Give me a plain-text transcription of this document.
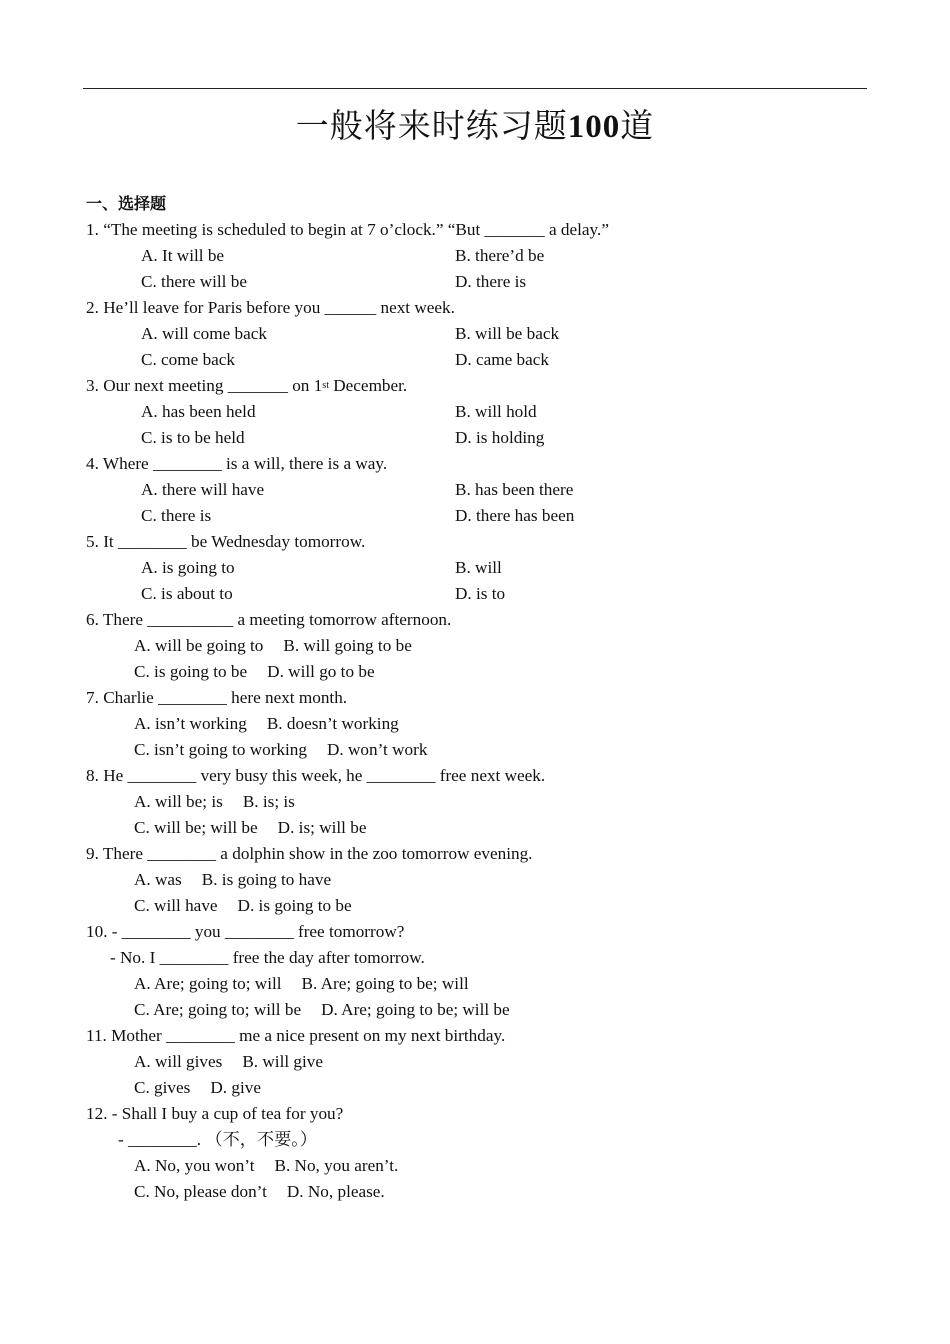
一般将来时练习题100道
一、选择题
1. “The meeting is scheduled to begin at 7 o’clock.” “But _______ a delay.”
A. It will be	B. there’d be
C. there will be	D. there is
2. He’ll leave for Paris before you ______ next week.
A. will come back	B. will be back
C. come back	D. came back
3. Our next meeting _______ on 1st December.
A. has been held	B. will hold
C. is to be held	D. is holding
4. Where ________ is a will, there is a way.
A. there will have	B. has been there
C. there is	D. there has been
5. It ________ be Wednesday tomorrow.
A. is going to	B. will
C. is about to	D. is to
6. There __________ a meeting tomorrow afternoon.
A. will be going to B. will going to be
C. is going to be D. will go to be
7. Charlie ________ here next month.
A. isn’t working B. doesn’t working
C. isn’t going to working D. won’t work
8. He ________ very busy this week, he ________ free next week.
A. will be; is B. is; is
C. will be; will be D. is; will be
9. There ________ a dolphin show in the zoo tomorrow evening.
A. was B. is going to have
C. will have D. is going to be
10. - ________ you ________ free tomorrow?
- No. I ________ free the day after tomorrow.
A. Are; going to; will B. Are; going to be; will
C. Are; going to; will be D. Are; going to be; will be
11. Mother ________ me a nice present on my next birthday.
A. will gives B. will give
C. gives D. give
12. - Shall I buy a cup of tea for you?
- ________. （不，不要。）
A. No, you won’t B. No, you aren’t.
C. No, please don’t D. No, please.
